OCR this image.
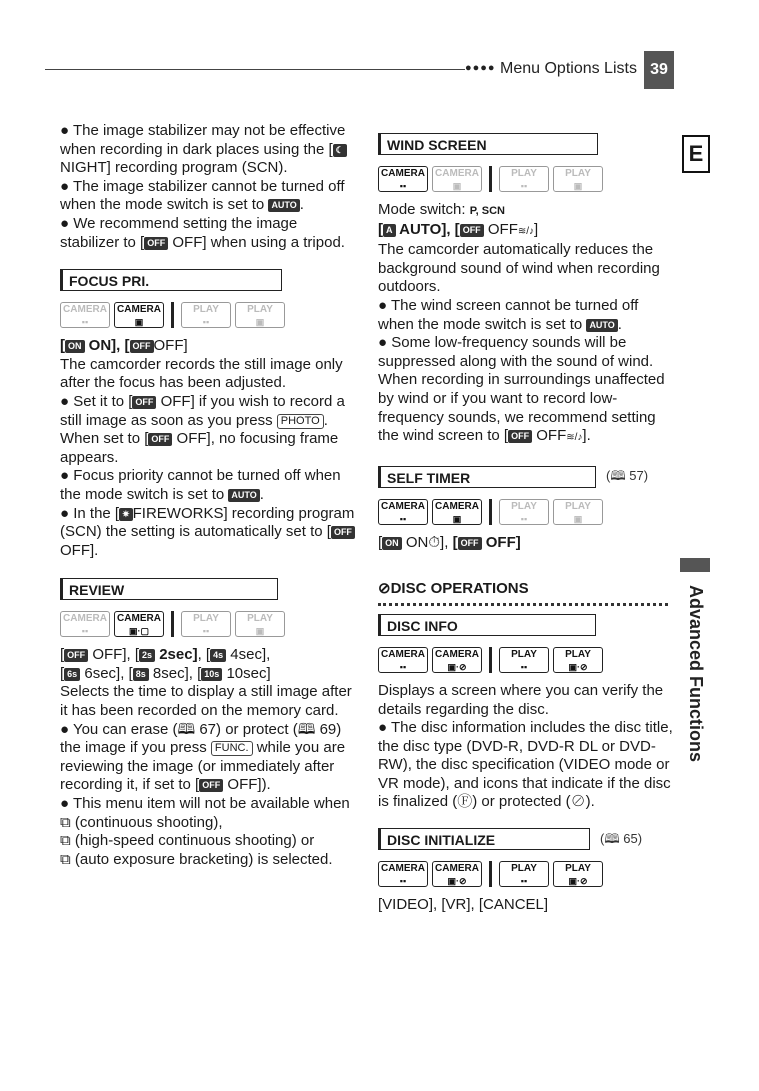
●●●● Menu Options Lists 39
E
Advanced Functions

● The image stabilizer may not be effective when recording in dark places using the [ ☾NIGHT] recording program (SCN).

● The image stabilizer cannot be turned off when the mode switch is set to AUTO .

● We recommend setting the image stabilizer to [ OFF OFF] when using a tripod.

FOCUS PRI.
CAMERA
▪▪
CAMERA
▣
PLAY
▪▪
PLAY
▣

[ ON ON], [ OFF OFF]

The camcorder records the still image only after the focus has been adjusted.

● Set it to [ OFF OFF] if you wish to record a still image as soon as you press PHOTO . When set to [ OFF OFF], no focusing frame appears.

● Focus priority cannot be turned off when the mode switch is set to AUTO .

● In the [ ✷ FIREWORKS] recording program (SCN) the setting is automatically set to [ OFF OFF].

REVIEW
CAMERA
▪▪
CAMERA
▣·▢
PLAY
▪▪
PLAY
▣

[ OFF OFF], [ 2s 2sec], [ 4s 4sec],
[ 6s 6sec], [ 8s 8sec], [ 10s 10sec]

Selects the time to display a still image after it has been recorded on the memory card.

● You can erase (🕮 67) or protect (🕮 69) the image if you press FUNC. while you are reviewing the image (or immediately after recording it, if set to [ OFF OFF]).

● This menu item will not be available when ⧉ (continuous shooting),
⧉ (high-speed continuous shooting) or
⧉ (auto exposure bracketing) is selected.

WIND SCREEN
CAMERA
▪▪
CAMERA
▣
PLAY
▪▪
PLAY
▣

Mode switch: P, SCN

[ A AUTO], [ OFF OFF≋/♪]

The camcorder automatically reduces the background sound of wind when recording outdoors.

● The wind screen cannot be turned off when the mode switch is set to AUTO .

● Some low-frequency sounds will be suppressed along with the sound of wind. When recording in surroundings unaffected by wind or if you want to record low-frequency sounds, we recommend setting the wind screen to [ OFF OFF≋/♪].

SELF TIMER	(🕮 57)
CAMERA
▪▪
CAMERA
▣
PLAY
▪▪
PLAY
▣

[ ON ON⏱], [ OFF OFF]

⊘DISC OPERATIONS
DISC INFO
CAMERA
▪▪
CAMERA
▣·⊘
PLAY
▪▪
PLAY
▣·⊘

Displays a screen where you can verify the details regarding the disc.

● The disc information includes the disc title, the disc type (DVD-R, DVD-R DL or DVD-RW), the disc specification (VIDEO mode or VR mode), and icons that indicate if the disc is finalized (Ⓕ) or protected (⊘).

DISC INITIALIZE	(🕮 65)
CAMERA
▪▪
CAMERA
▣·⊘
PLAY
▪▪
PLAY
▣·⊘

[VIDEO], [VR], [CANCEL]
